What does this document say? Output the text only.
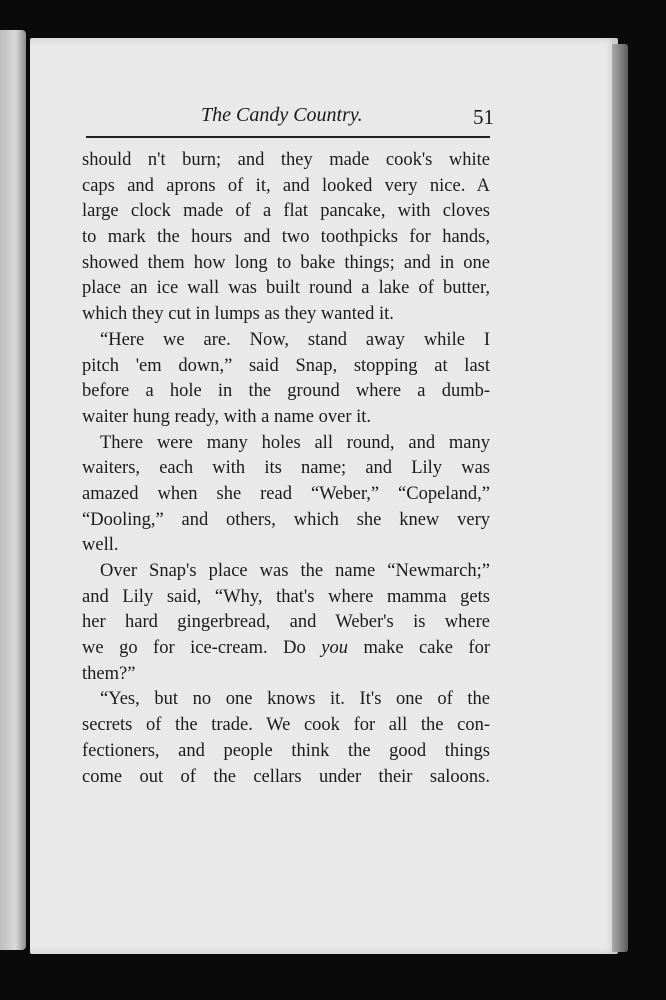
The Candy Country.	51
should n't burn; and they made cook's white
caps and aprons of it, and looked very nice. A
large clock made of a flat pancake, with cloves
to mark the hours and two toothpicks for hands,
showed them how long to bake things; and in one
place an ice wall was built round a lake of butter,
which they cut in lumps as they wanted it.
“Here we are. Now, stand away while I
pitch 'em down,” said Snap, stopping at last
before a hole in the ground where a dumb-
waiter hung ready, with a name over it.
There were many holes all round, and many
waiters, each with its name; and Lily was
amazed when she read “Weber,” “Copeland,”
“Dooling,” and others, which she knew very
well.
Over Snap's place was the name “Newmarch;”
and Lily said, “Why, that's where mamma gets
her hard gingerbread, and Weber's is where
we go for ice-cream. Do you make cake for
them?”
“Yes, but no one knows it. It's one of the
secrets of the trade. We cook for all the con-
fectioners, and people think the good things
come out of the cellars under their saloons.
